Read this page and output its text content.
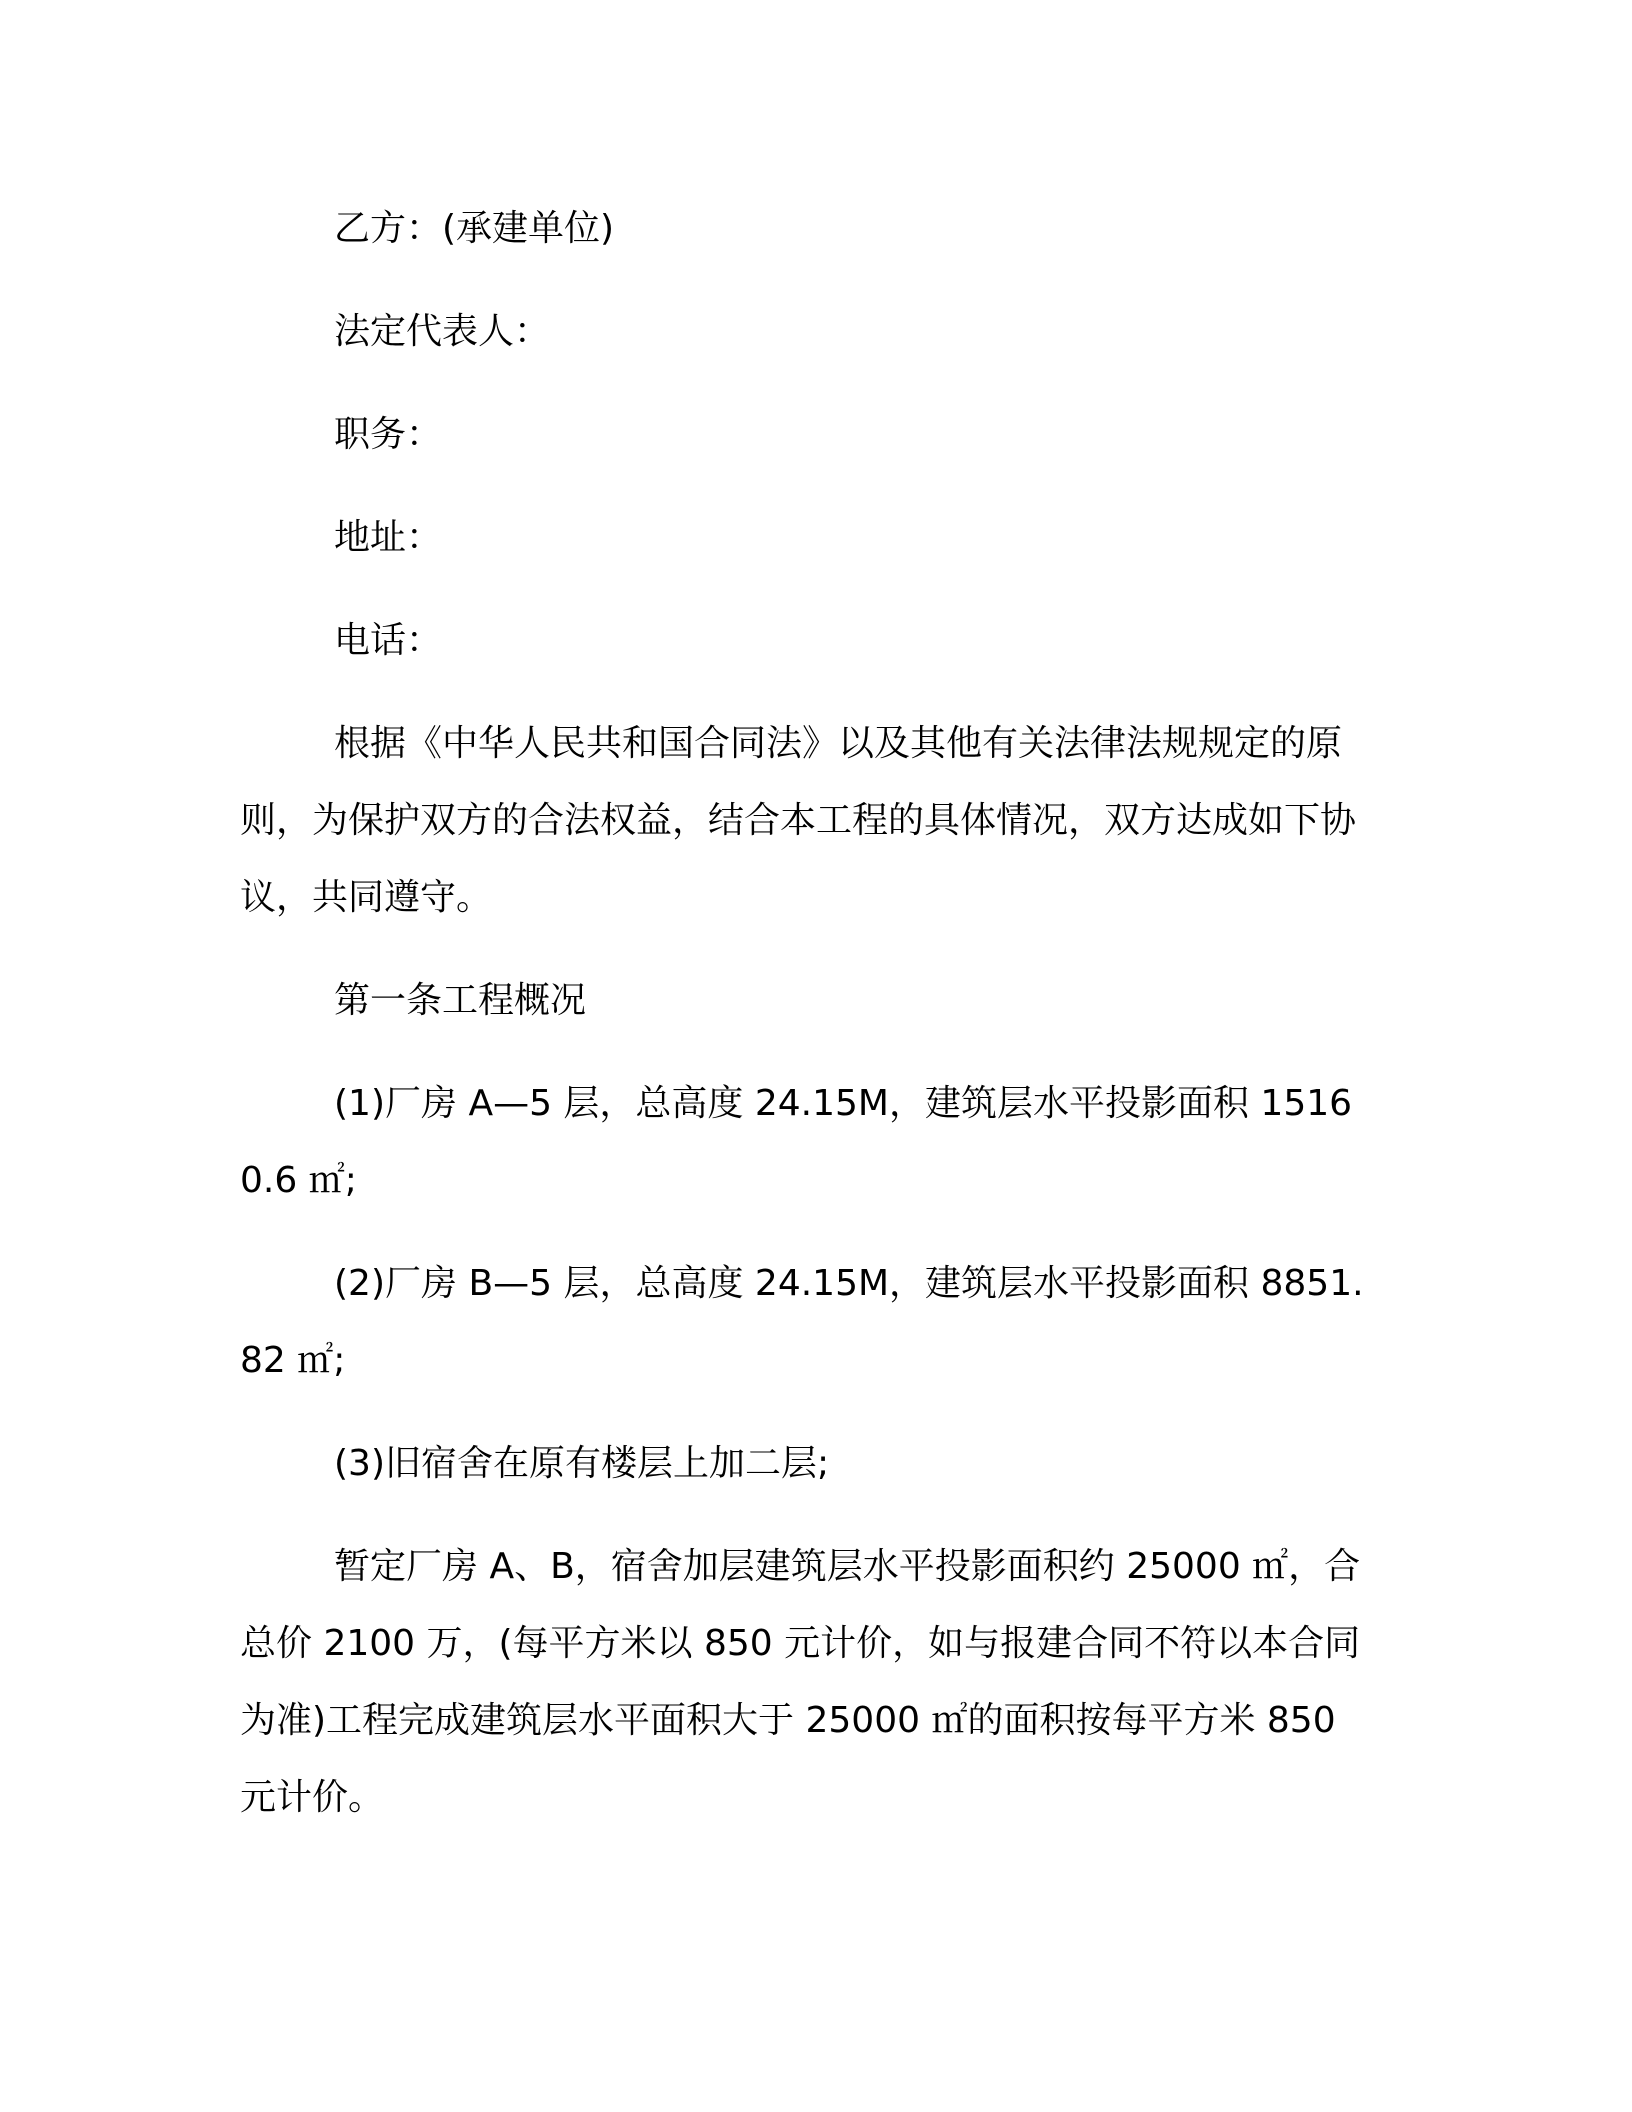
乙方：(承建单位)

法定代表人：

职务：

地址：

电话：

根据《中华人民共和国合同法》以及其他有关法律法规规定的原则，为保护双方的合法权益，结合本工程的具体情况，双方达成如下协议，共同遵守。

第一条工程概况

(1)厂房 A—5 层，总高度 24.15M，建筑层水平投影面积 15160.6 ㎡;

(2)厂房 B—5 层，总高度 24.15M，建筑层水平投影面积 8851.82 ㎡;

(3)旧宿舍在原有楼层上加二层;

暂定厂房 A、B，宿舍加层建筑层水平投影面积约 25000 ㎡，合总价 2100 万，(每平方米以 850 元计价，如与报建合同不符以本合同为准)工程完成建筑层水平面积大于 25000 ㎡的面积按每平方米 850 元计价。
